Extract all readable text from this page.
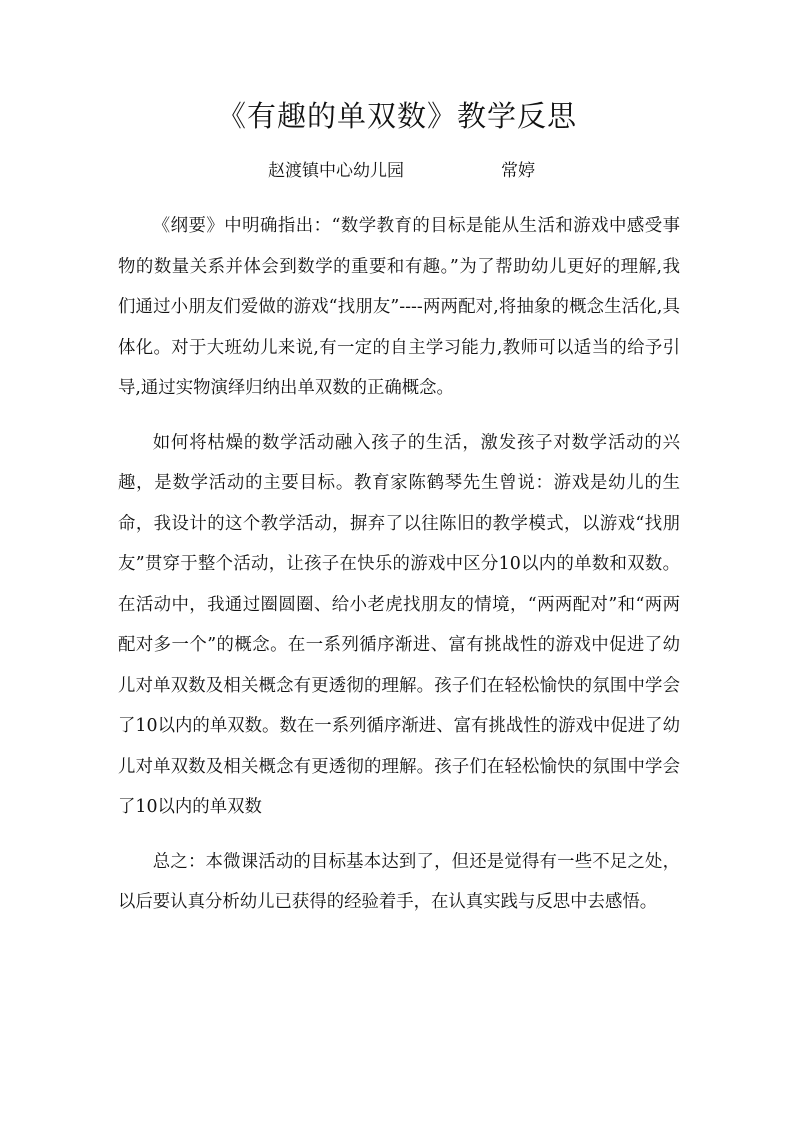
《有趣的单双数》教学反思
赵渡镇中心幼儿园	常婷

《纲要》中明确指出：“数学教育的目标是能从生活和游戏中感受事物的数量关系并体会到数学的重要和有趣。”为了帮助幼儿更好的理解,我们通过小朋友们爱做的游戏“找朋友”----两两配对,将抽象的概念生活化,具体化。对于大班幼儿来说,有一定的自主学习能力,教师可以适当的给予引导,通过实物演绎归纳出单双数的正确概念。

如何将枯燥的数学活动融入孩子的生活，激发孩子对数学活动的兴趣，是数学活动的主要目标。教育家陈鹤琴先生曾说：游戏是幼儿的生命，我设计的这个教学活动，摒弃了以往陈旧的教学模式，以游戏“找朋友”贯穿于整个活动，让孩子在快乐的游戏中区分10以内的单数和双数。在活动中，我通过圈圆圈、给小老虎找朋友的情境，“两两配对”和“两两配对多一个”的概念。在一系列循序渐进、富有挑战性的游戏中促进了幼儿对单双数及相关概念有更透彻的理解。孩子们在轻松愉快的氛围中学会了10以内的单双数。数在一系列循序渐进、富有挑战性的游戏中促进了幼儿对单双数及相关概念有更透彻的理解。孩子们在轻松愉快的氛围中学会了10以内的单双数

总之：本微课活动的目标基本达到了，但还是觉得有一些不足之处，以后要认真分析幼儿已获得的经验着手，在认真实践与反思中去感悟。
